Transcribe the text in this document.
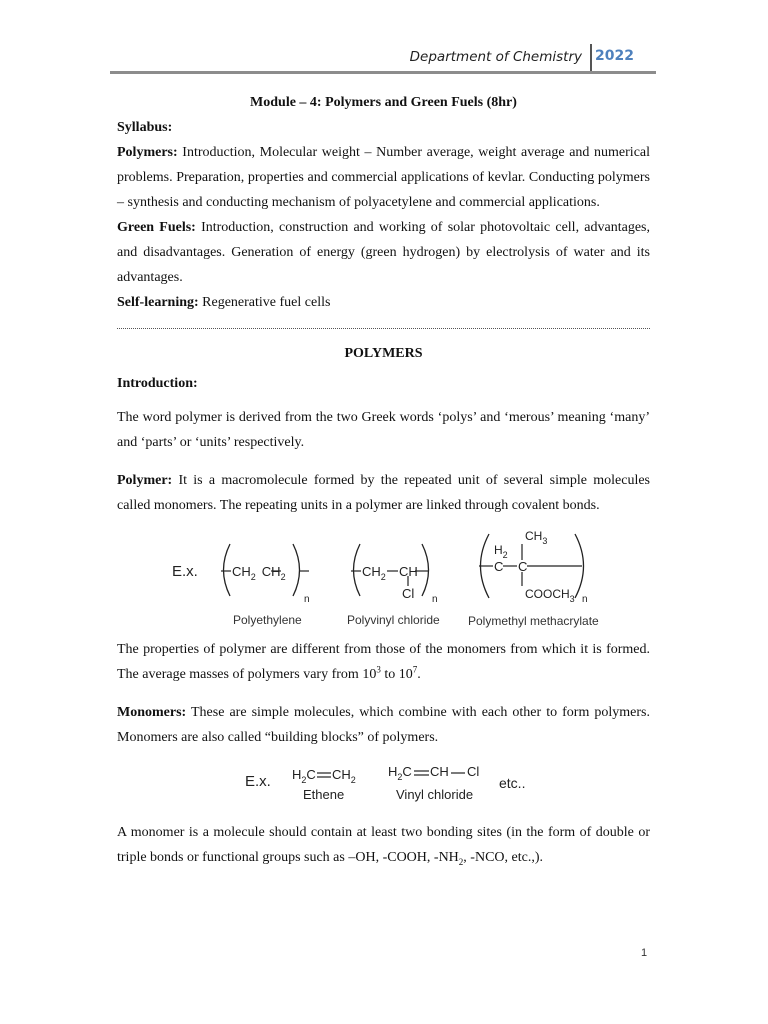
Department of Chemistry 2022

Module – 4: Polymers and Green Fuels (8hr)

Syllabus:

Polymers: Introduction, Molecular weight – Number average, weight average and numerical problems. Preparation, properties and commercial applications of kevlar. Conducting polymers – synthesis and conducting mechanism of polyacetylene and commercial applications.

Green Fuels: Introduction, construction and working of solar photovoltaic cell, advantages, and disadvantages. Generation of energy (green hydrogen) by electrolysis of water and its advantages.

Self-learning: Regenerative fuel cells

POLYMERS

Introduction:

The word polymer is derived from the two Greek words ‘polys’ and ‘merous’ meaning ‘many’ and ‘parts’ or ‘units’ respectively.

Polymer: It is a macromolecule formed by the repeated unit of several simple molecules called monomers. The repeating units in a polymer are linked through covalent bonds.

E.x.	$CH_2$ $CH_2$
n
Polyethylene
$CH_2$ CH
Cl n
Polyvinyl chloride
$H_2$
C C
$CH_3$
$COOCH_3$ n
Polymethyl methacrylate

The properties of polymer are different from those of the monomers from which it is formed. The average masses of polymers vary from $10^3$ to $10^7$.

Monomers: These are simple molecules, which combine with each other to form polymers. Monomers are also called “building blocks” of polymers.

E.x. $H_2C$ $CH_2$
Ethene
$H_2C$ CH Cl
Vinyl chloride
etc..

A monomer is a molecule should contain at least two bonding sites (in the form of double or triple bonds or functional groups such as –OH, -COOH, $-NH_2$, -NCO, etc.,).

1
